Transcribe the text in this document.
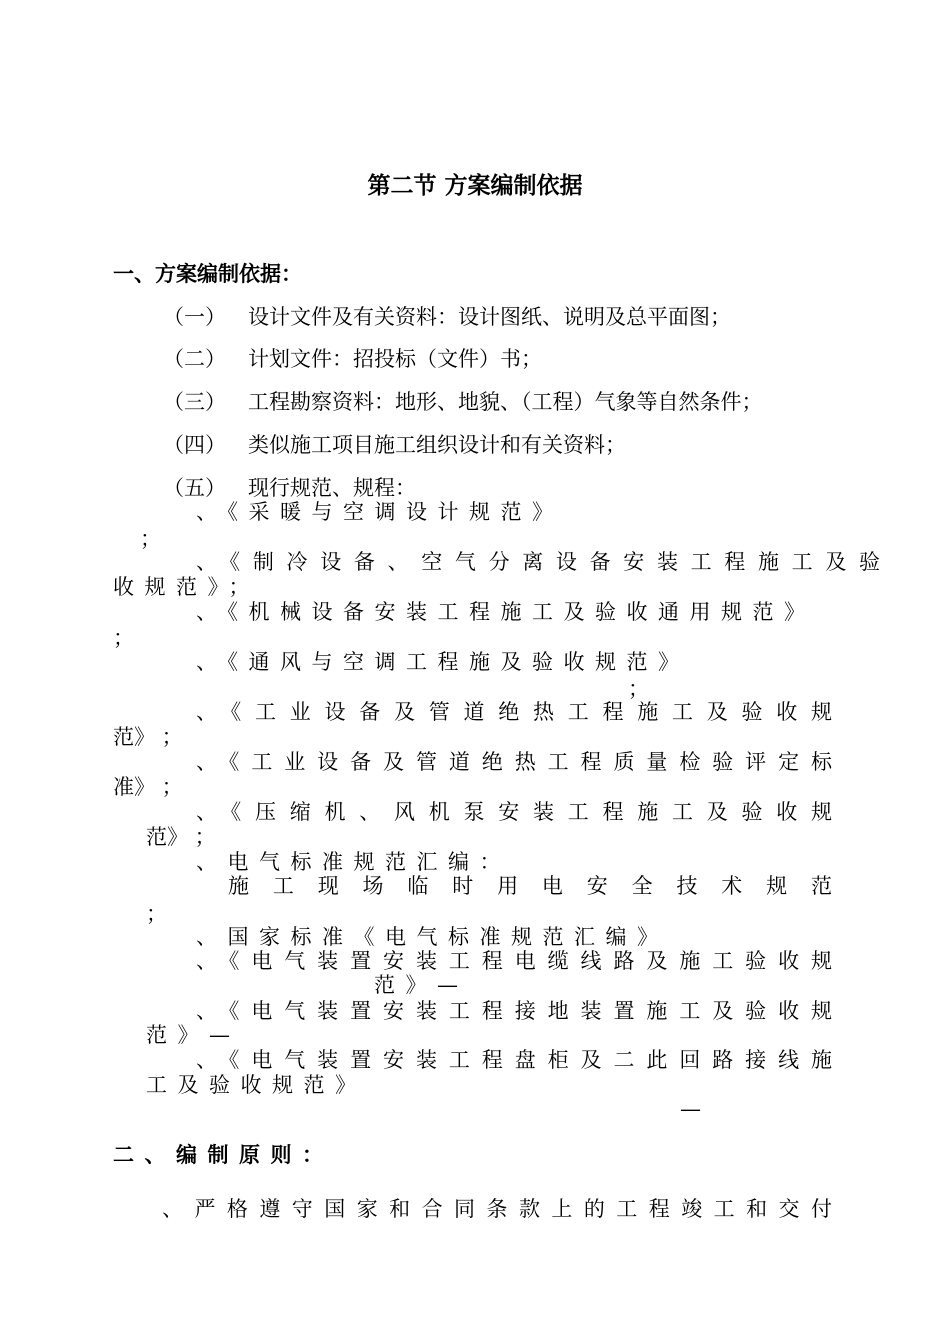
第二节 方案编制依据
一、方案编制依据：
（一） 设计文件及有关资料：设计图纸、说明及总平面图；
（二） 计划文件：招投标（文件）书；
（三） 工程勘察资料：地形、地貌、（工程）气象等自然条件；
（四） 类似施工项目施工组织设计和有关资料；
（五） 现行规范、规程：
、《采暖与空调设计规范》
；
、《制冷设备、空气分离设备安装工程施工及验
收规范》；
、《机械设备安装工程施工及验收通用规范》
；
、《通风与空调工程施及验收规范》
；
、《工业设备及管道绝热工程施工及验收规
范》 ；
、《工业设备及管道绝热工程质量检验评定标
准》 ；
、《压缩机、风机泵安装工程施工及验收规
范》 ；
、电气标准规范汇编：
施工现场临时用电安全技术规范
；
、国家标准《电气标准规范汇编》
、《电气装置安装工程电缆线路及施工验收规
范》—
、《电气装置安装工程接地装置施工及验收规
范》—
、《电气装置安装工程盘柜及二此回路接线施
工及验收规范》
—
二、编制原则：
、严格遵守国家和合同条款上的工程竣工和交付
